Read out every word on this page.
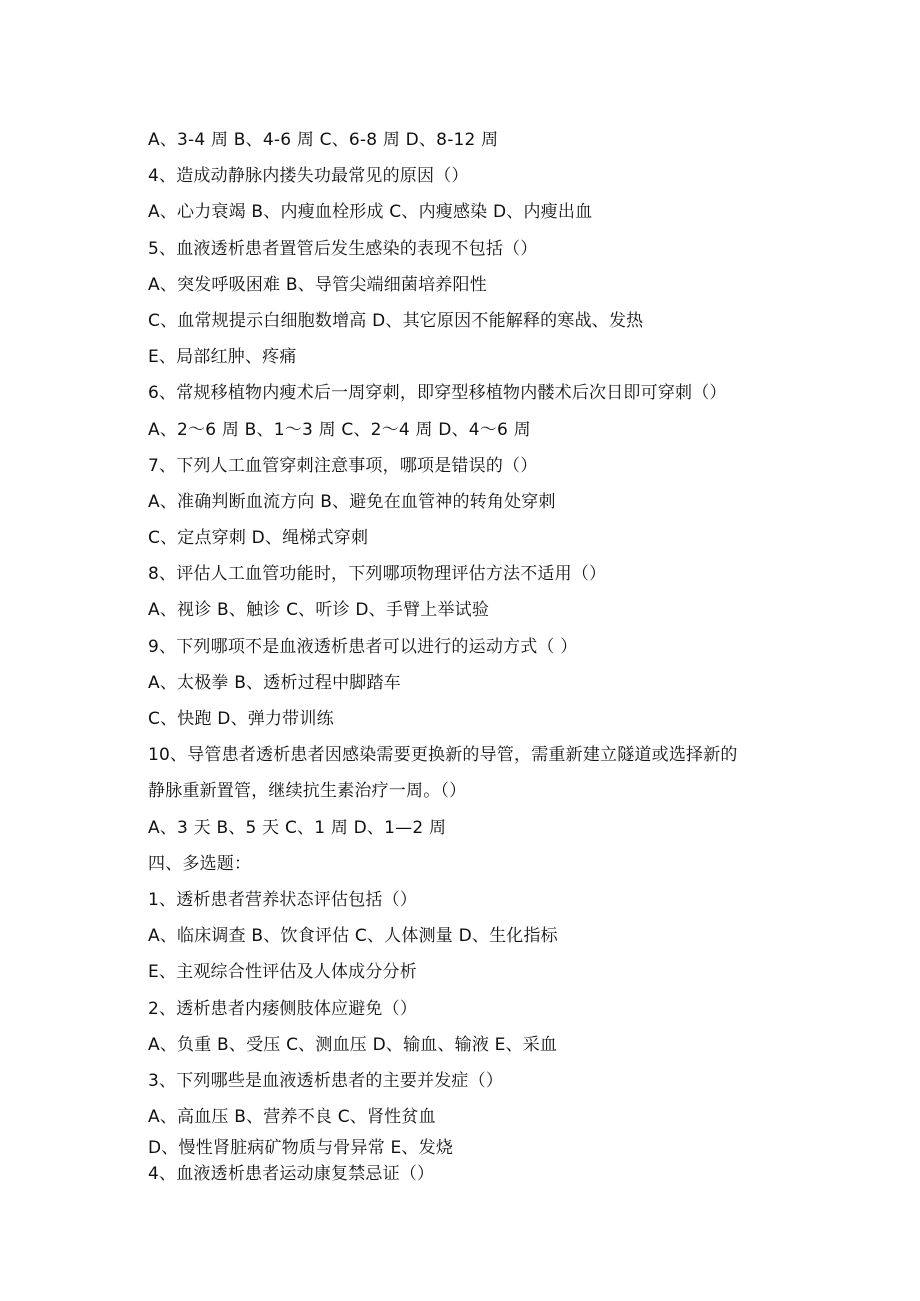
A、3-4 周 B、4-6 周 C、6-8 周 D、8-12 周
4、造成动静脉内搂失功最常见的原因（）
A、心力衰竭 B、内瘦血栓形成 C、内瘦感染 D、内瘦出血
5、血液透析患者置管后发生感染的表现不包括（）
A、突发呼吸困难 B、导管尖端细菌培养阳性
C、血常规提示白细胞数增高 D、其它原因不能解释的寒战、发热
E、局部红肿、疼痛
6、常规移植物内瘦术后一周穿刺，即穿型移植物内髅术后次日即可穿刺（）
A、2～6 周 B、1～3 周 C、2～4 周 D、4～6 周
7、下列人工血管穿刺注意事项，哪项是错误的（）
A、准确判断血流方向 B、避免在血管神的转角处穿刺
C、定点穿刺 D、绳梯式穿刺
8、评估人工血管功能时，下列哪项物理评估方法不适用（）
A、视诊 B、触诊 C、听诊 D、手臂上举试验
9、下列哪项不是血液透析患者可以进行的运动方式（ ）
A、太极拳 B、透析过程中脚踏车
C、快跑 D、弹力带训练
10、导管患者透析患者因感染需要更换新的导管，需重新建立隧道或选择新的
静脉重新置管，继续抗生素治疗一周。（）
A、3 天 B、5 天 C、1 周 D、1—2 周
四、多选题：
1、透析患者营养状态评估包括（）
A、临床调查 B、饮食评估 C、人体测量 D、生化指标
E、主观综合性评估及人体成分分析
2、透析患者内痿侧肢体应避免（）
A、负重 B、受压 C、测血压 D、输血、输液 E、采血
3、下列哪些是血液透析患者的主要并发症（）
A、高血压 B、营养不良 C、肾性贫血
D、慢性肾脏病矿物质与骨异常 E、发烧
4、血液透析患者运动康复禁忌证（）
